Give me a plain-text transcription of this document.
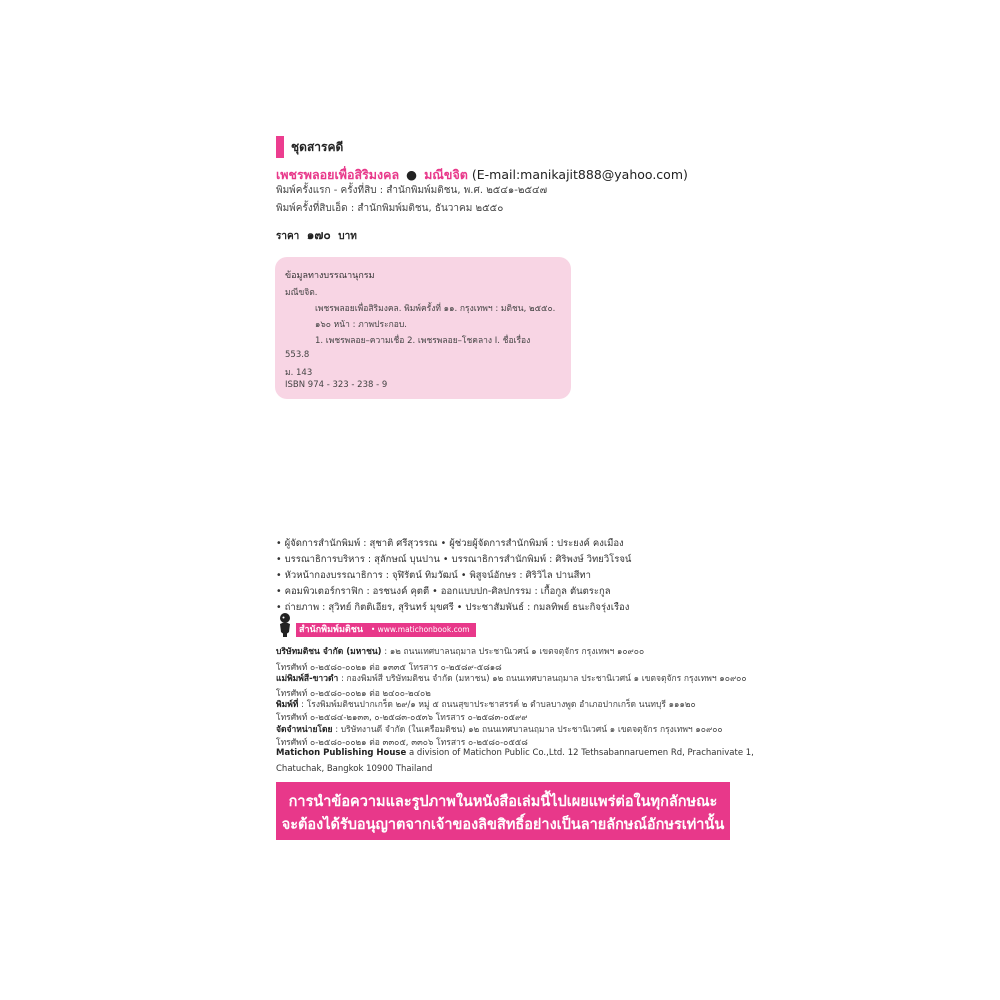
ชุดสารคดี
เพชรพลอยเพื่อสิริมงคล ● มณีขจิต (E-mail:manikajit888@yahoo.com)
พิมพ์ครั้งแรก - ครั้งที่สิบ : สำนักพิมพ์มติชน, พ.ศ. ๒๕๔๑-๒๕๔๗
พิมพ์ครั้งที่สิบเอ็ด : สำนักพิมพ์มติชน, ธันวาคม ๒๕๕๐
ราคา ๑๗๐ บาท
ข้อมูลทางบรรณานุกรม
มณีขจิต.
เพชรพลอยเพื่อสิริมงคล. พิมพ์ครั้งที่ ๑๑. กรุงเทพฯ : มติชน, ๒๕๕๐.
๑๖๐ หน้า : ภาพประกอบ.
1. เพชรพลอย–ความเชื่อ 2. เพชรพลอย–โชคลาง I. ชื่อเรื่อง
553.8
ม. 143
ISBN 974 - 323 - 238 - 9
• ผู้จัดการสำนักพิมพ์ : สุชาติ ศรีสุวรรณ • ผู้ช่วยผู้จัดการสำนักพิมพ์ : ประยงค์ คงเมือง
• บรรณาธิการบริหาร : สุลักษณ์ บุนปาน • บรรณาธิการสำนักพิมพ์ : ศิริพงษ์ วิทยวิโรจน์
• หัวหน้ากองบรรณาธิการ : จุฬิรัตน์ ทิมวัฒน์ • พิสูจน์อักษร : ศิริวิไล ปานสีทา
• คอมพิวเตอร์กราฟิก : อรชนงค์ คุตตี • ออกแบบปก-ศิลปกรรม : เกื้อกูล ตันตระกูล
• ถ่ายภาพ : สุวิทย์ กิตติเอียร, สุรินทร์ มุขศรี • ประชาสัมพันธ์ : กมลทิพย์ ธนะกิจรุ่งเรือง
สำนักพิมพ์มติชน • www.matichonbook.com
บริษัทมติชน จำกัด (มหาชน) : ๑๒ ถนนเทศบาลนฤมาล ประชานิเวศน์ ๑ เขตจตุจักร กรุงเทพฯ ๑๐๙๐๐
โทรศัพท์ ๐-๒๕๘๐-๐๐๒๑ ต่อ ๑๓๓๕ โทรสาร ๐-๒๕๘๙-๕๘๑๘
แม่พิมพ์สี-ขาวดำ : กองพิมพ์สี บริษัทมติชน จำกัด (มหาชน) ๑๒ ถนนเทศบาลนฤมาล ประชานิเวศน์ ๑ เขตจตุจักร กรุงเทพฯ ๑๐๙๐๐
โทรศัพท์ ๐-๒๕๘๐-๐๐๒๑ ต่อ ๒๔๐๐-๒๔๐๒
พิมพ์ที่ : โรงพิมพ์มติชนปากเกร็ด ๒๙/๑ หมู่ ๕ ถนนสุขาประชาสรรค์ ๒ ตำบลบางพูด อำเภอปากเกร็ด นนทบุรี ๑๑๑๒๐
โทรศัพท์ ๐-๒๕๘๔-๒๑๓๓, ๐-๒๕๘๓-๐๕๓๖ โทรสาร ๐-๒๕๘๓-๐๕๙๙
จัดจำหน่ายโดย : บริษัทงานดี จำกัด (ในเครือมติชน) ๑๒ ถนนเทศบาลนฤมาล ประชานิเวศน์ ๑ เขตจตุจักร กรุงเทพฯ ๑๐๙๐๐
โทรศัพท์ ๐-๒๕๘๐-๐๐๒๑ ต่อ ๓๓๐๕, ๓๓๐๖ โทรสาร ๐-๒๕๘๐-๐๕๕๘
Matichon Publishing House a division of Matichon Public Co.,Ltd. 12 Tethsabannaruemen Rd, Prachanivate 1,
Chatuchak, Bangkok 10900 Thailand
การนำข้อความและรูปภาพในหนังสือเล่มนี้ไปเผยแพร่ต่อในทุกลักษณะ
จะต้องได้รับอนุญาตจากเจ้าของลิขสิทธิ์อย่างเป็นลายลักษณ์อักษรเท่านั้น
